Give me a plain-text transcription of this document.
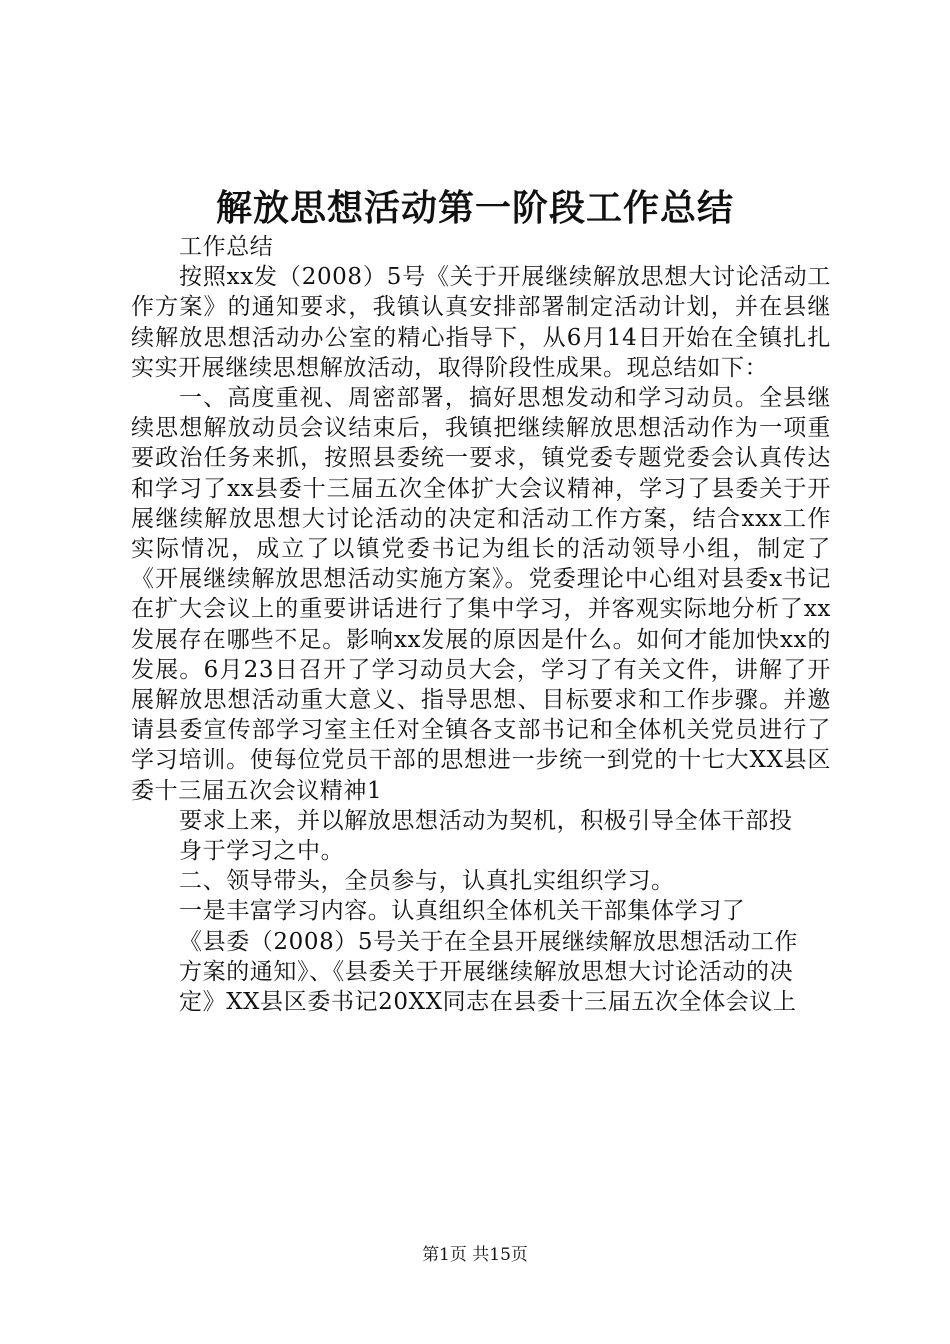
解放思想活动第一阶段工作总结

工作总结

按照xx发（2008）5号《关于开展继续解放思想大讨论活动工作方案》的通知要求，我镇认真安排部署制定活动计划，并在县继续解放思想活动办公室的精心指导下，从6月14日开始在全镇扎扎实实开展继续思想解放活动，取得阶段性成果。现总结如下：

一、高度重视、周密部署，搞好思想发动和学习动员。全县继续思想解放动员会议结束后，我镇把继续解放思想活动作为一项重要政治任务来抓，按照县委统一要求，镇党委专题党委会认真传达和学习了xx县委十三届五次全体扩大会议精神，学习了县委关于开展继续解放思想大讨论活动的决定和活动工作方案，结合xxx工作实际情况，成立了以镇党委书记为组长的活动领导小组，制定了《开展继续解放思想活动实施方案》。党委理论中心组对县委x书记在扩大会议上的重要讲话进行了集中学习，并客观实际地分析了xx发展存在哪些不足。影响xx发展的原因是什么。如何才能加快xx的发展。6月23日召开了学习动员大会，学习了有关文件，讲解了开展解放思想活动重大意义、指导思想、目标要求和工作步骤。并邀请县委宣传部学习室主任对全镇各支部书记和全体机关党员进行了学习培训。使每位党员干部的思想进一步统一到党的十七大XX县区委十三届五次会议精神1

要求上来，并以解放思想活动为契机，积极引导全体干部投

身于学习之中。

二、领导带头，全员参与，认真扎实组织学习。

一是丰富学习内容。认真组织全体机关干部集体学习了

《县委（2008）5号关于在全县开展继续解放思想活动工作

方案的通知》、《县委关于开展继续解放思想大讨论活动的决

定》XX县区委书记20XX同志在县委十三届五次全体会议上

第1页 共15页
